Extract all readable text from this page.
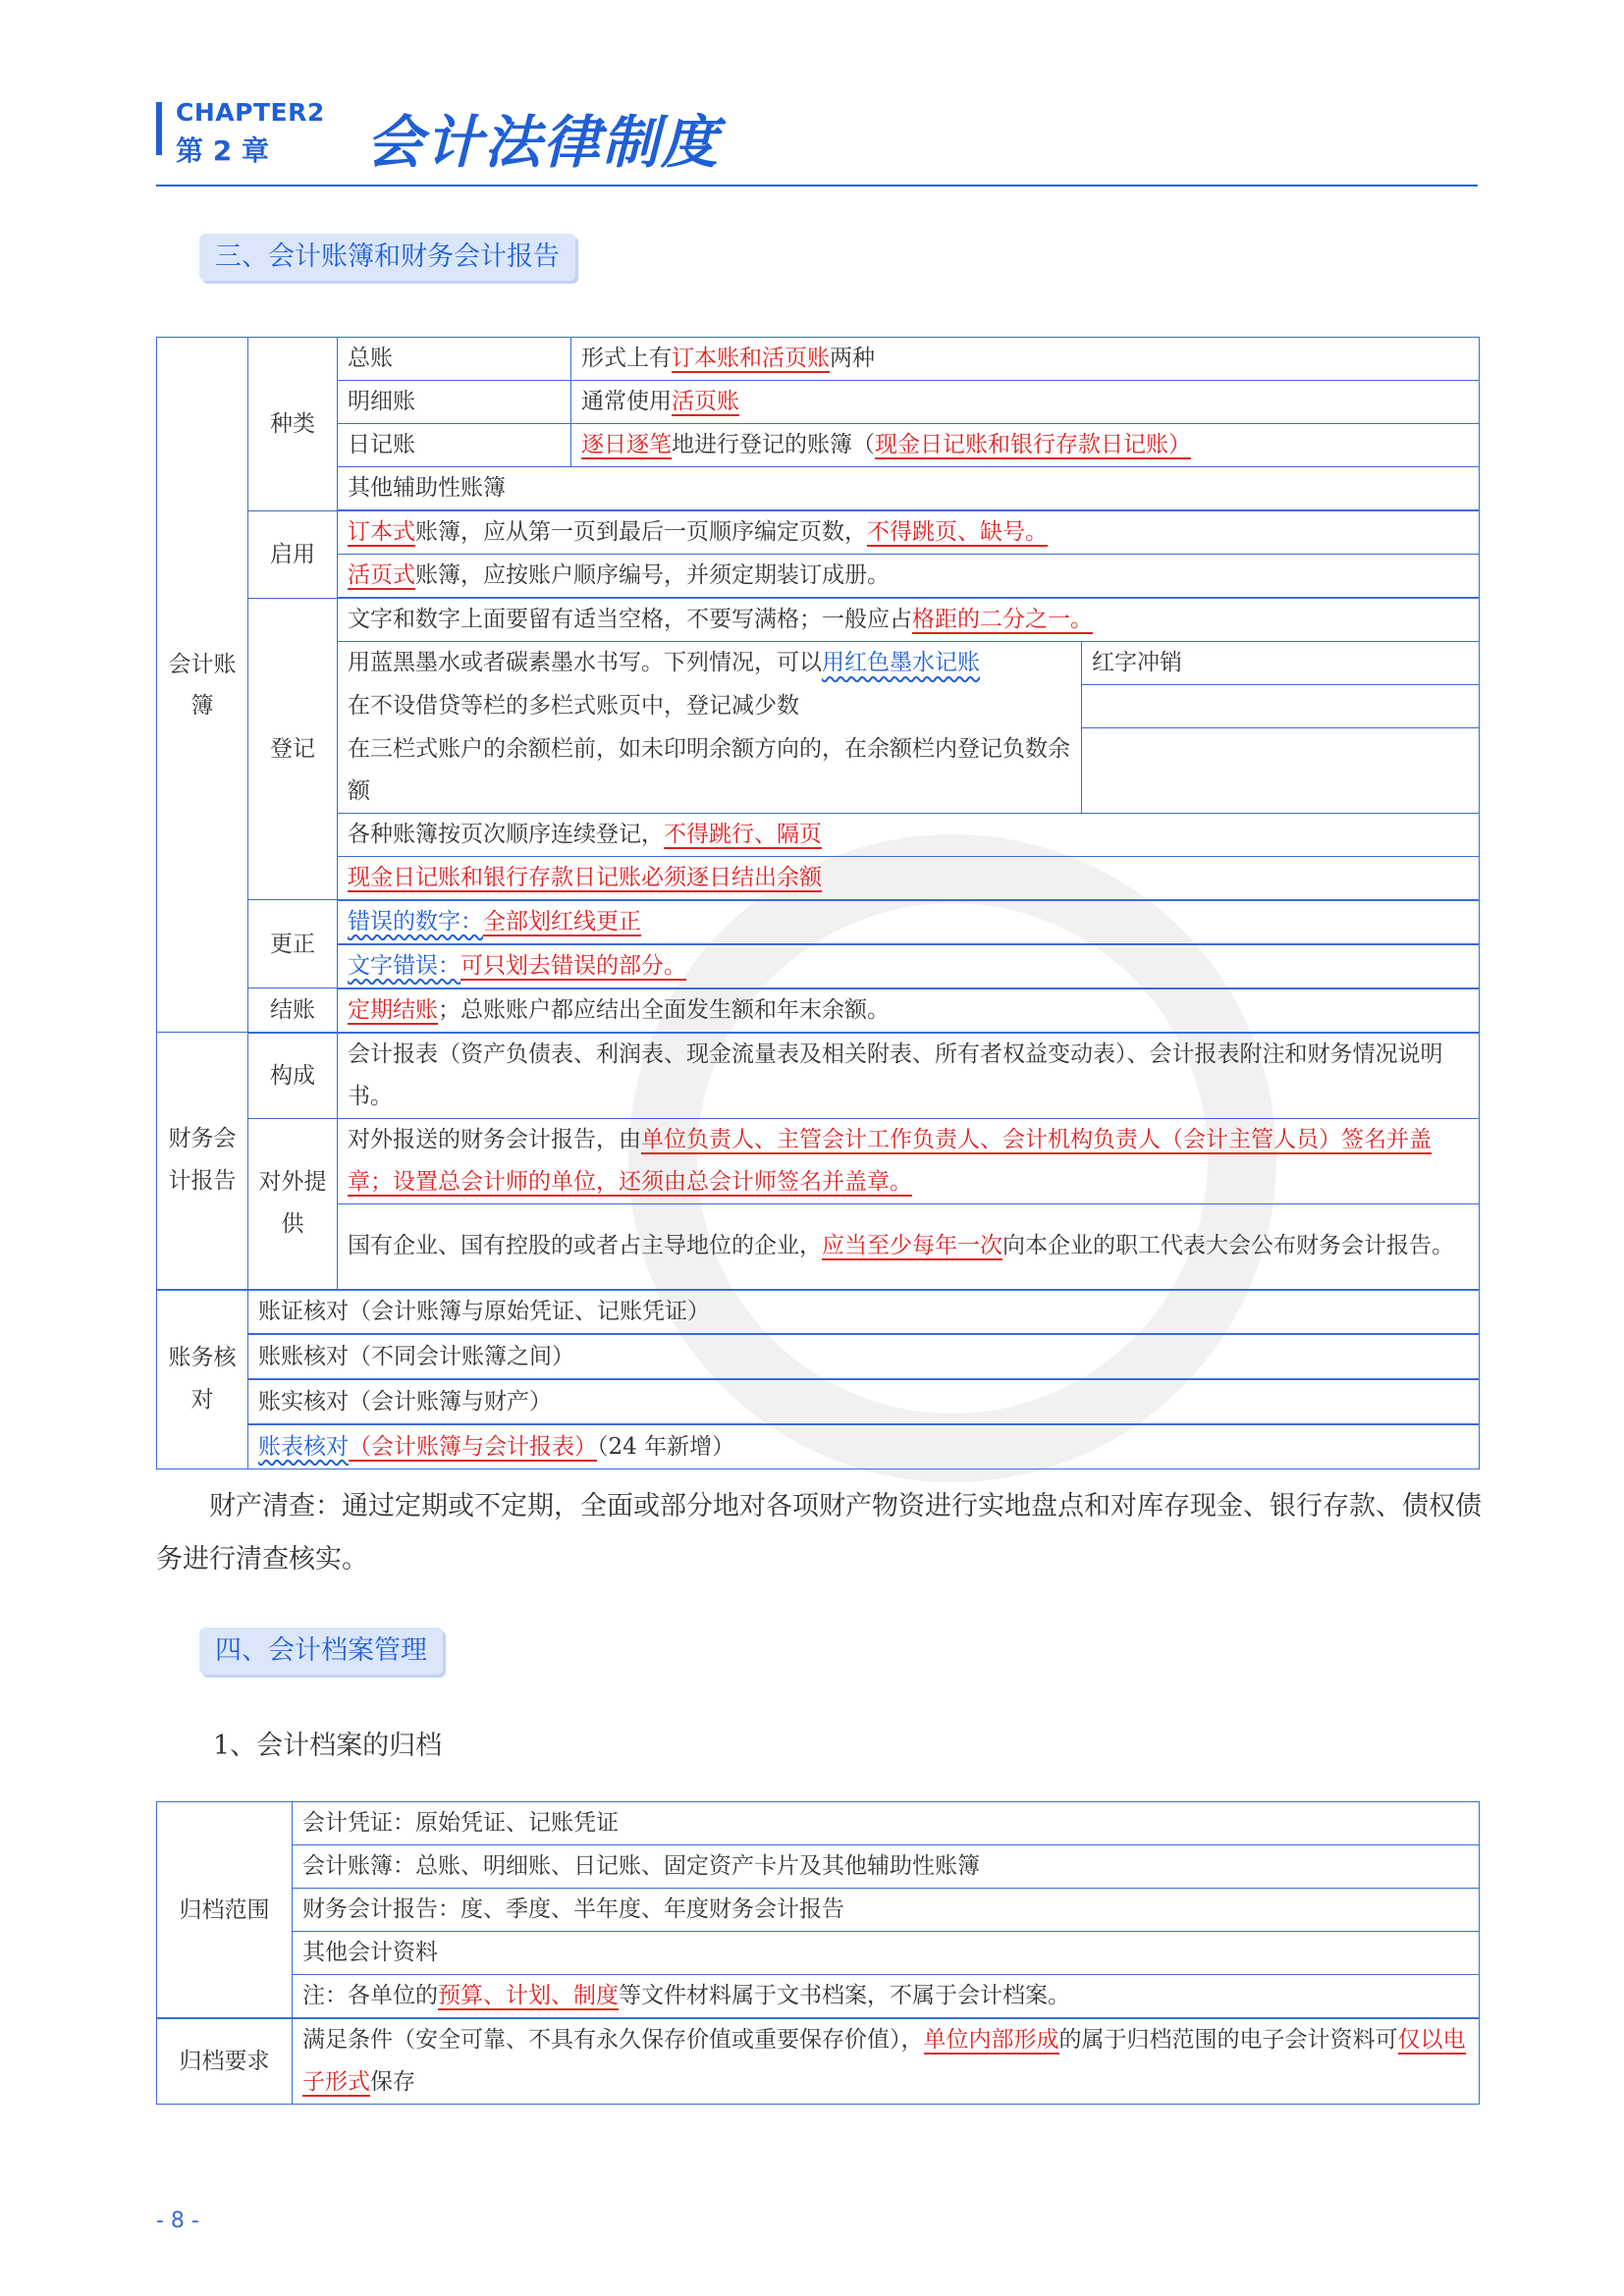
CHAPTER2
第 2 章 会计法律制度
三、会计账簿和财务会计报告
会计账簿	种类	总账	形式上有订本账和活页账两种	
		明细账	通常使用活页账	
		日记账	逐日逐笔地进行登记的账簿（现金日记账和银行存款日记账）	
		其他辅助性账簿		
	启用	订本式账簿，应从第一页到最后一页顺序编定页数，不得跳页、缺号。		
		活页式账簿，应按账户顺序编号，并须定期装订成册。		
	登记	文字和数字上面要留有适当空格，不要写满格；一般应占格距的二分之一。		
		用蓝黑墨水或者碳素墨水书写。下列情况，可以用红色墨水记账		红字冲销
		在不设借贷等栏的多栏式账页中，登记减少数		
		在三栏式账户的余额栏前，如未印明余额方向的，在余额栏内登记负数余额		

		各种账簿按页次顺序连续登记，不得跳行、隔页		
		现金日记账和银行存款日记账必须逐日结出余额		
	更正	错误的数字：全部划红线更正		
		文字错误：可只划去错误的部分。		
	结账	定期结账；总账账户都应结出全面发生额和年末余额。		
财务会计报告	构成	会计报表（资产负债表、利润表、现金流量表及相关附表、所有者权益变动表）、会计报表附注和财务情况说明书。		
	对外提供	对外报送的财务会计报告，由单位负责人、主管会计工作负责人、会计机构负责人（会计主管人员）签名并盖章；设置总会计师的单位，还须由总会计师签名并盖章。		
		国有企业、国有控股的或者占主导地位的企业，应当至少每年一次向本企业的职工代表大会公布财务会计报告。		

账务核对	账证核对（会计账簿与原始凭证、记账凭证）			
	账账核对（不同会计账簿之间）			
	账实核对（会计账簿与财产）			
	账表核对（会计账簿与会计报表）（24 年新增）			
财产清查：通过定期或不定期，全面或部分地对各项财产物资进行实地盘点和对库存现金、银行存款、债权债务进行清查核实。
四、会计档案管理
1、会计档案的归档
归档范围	会计凭证：原始凭证、记账凭证
	会计账簿：总账、明细账、日记账、固定资产卡片及其他辅助性账簿
	财务会计报告：度、季度、半年度、年度财务会计报告
	其他会计资料
	注：各单位的预算、计划、制度等文件材料属于文书档案，不属于会计档案。
归档要求	满足条件（安全可靠、不具有永久保存价值或重要保存价值），单位内部形成的属于归档范围的电子会计资料可仅以电子形式保存
- 8 -
